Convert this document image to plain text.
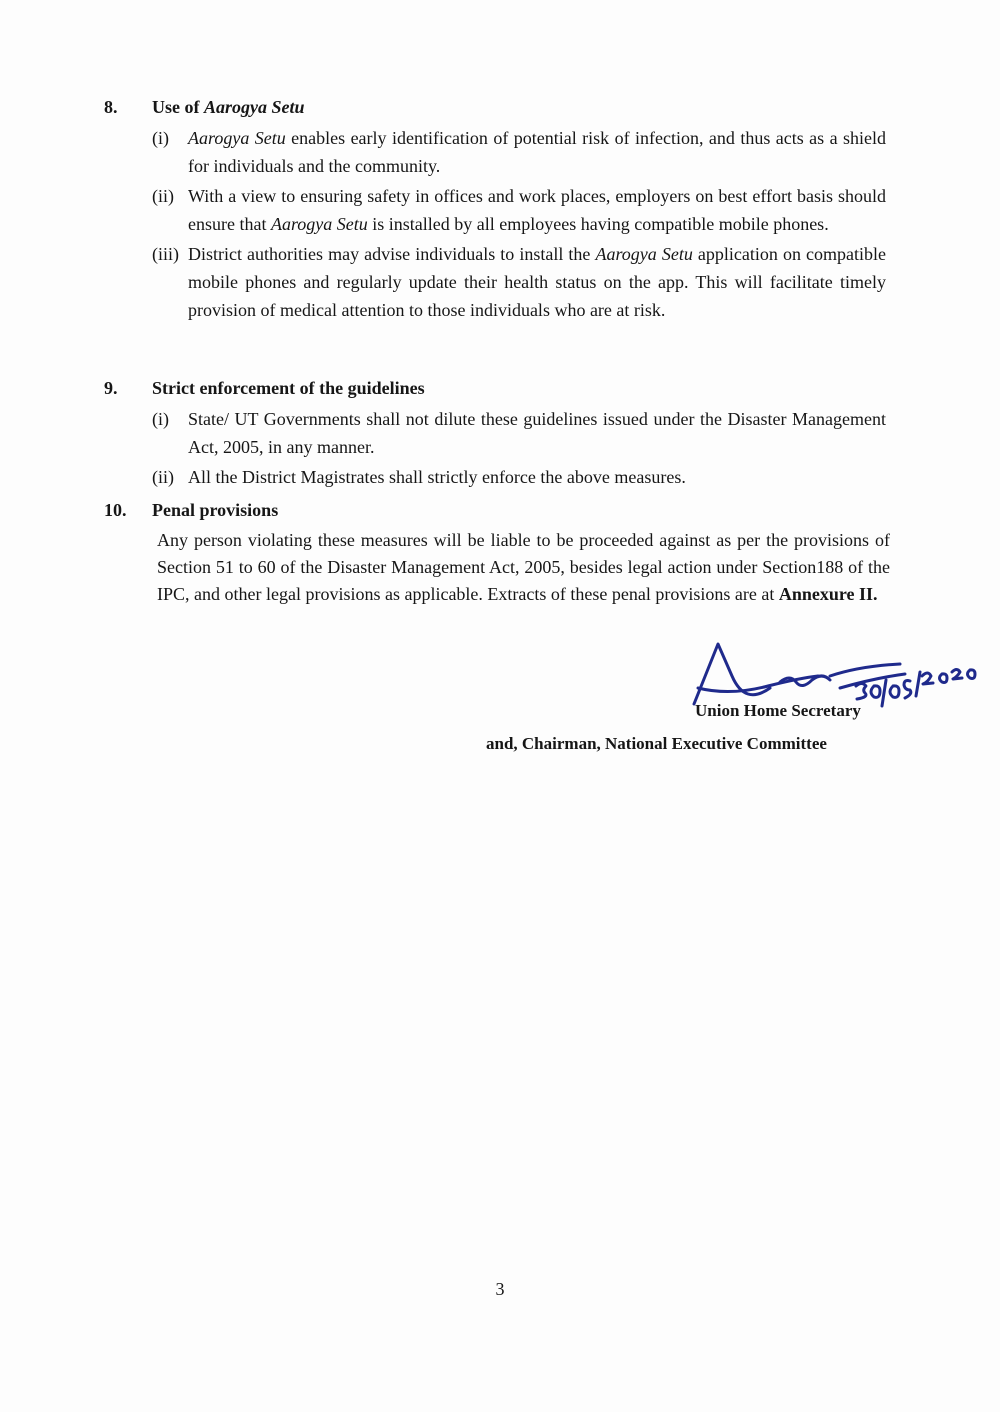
8. Use of Aarogya Setu
(i) Aarogya Setu enables early identification of potential risk of infection, and thus acts as a shield for individuals and the community.
(ii) With a view to ensuring safety in offices and work places, employers on best effort basis should ensure that Aarogya Setu is installed by all employees having compatible mobile phones.
(iii) District authorities may advise individuals to install the Aarogya Setu application on compatible mobile phones and regularly update their health status on the app. This will facilitate timely provision of medical attention to those individuals who are at risk.
9. Strict enforcement of the guidelines
(i) State/ UT Governments shall not dilute these guidelines issued under the Disaster Management Act, 2005, in any manner.
(ii) All the District Magistrates shall strictly enforce the above measures.
10. Penal provisions
Any person violating these measures will be liable to be proceeded against as per the provisions of Section 51 to 60 of the Disaster Management Act, 2005, besides legal action under Section188 of the IPC, and other legal provisions as applicable. Extracts of these penal provisions are at Annexure II.
Union Home Secretary
and, Chairman, National Executive Committee
3
